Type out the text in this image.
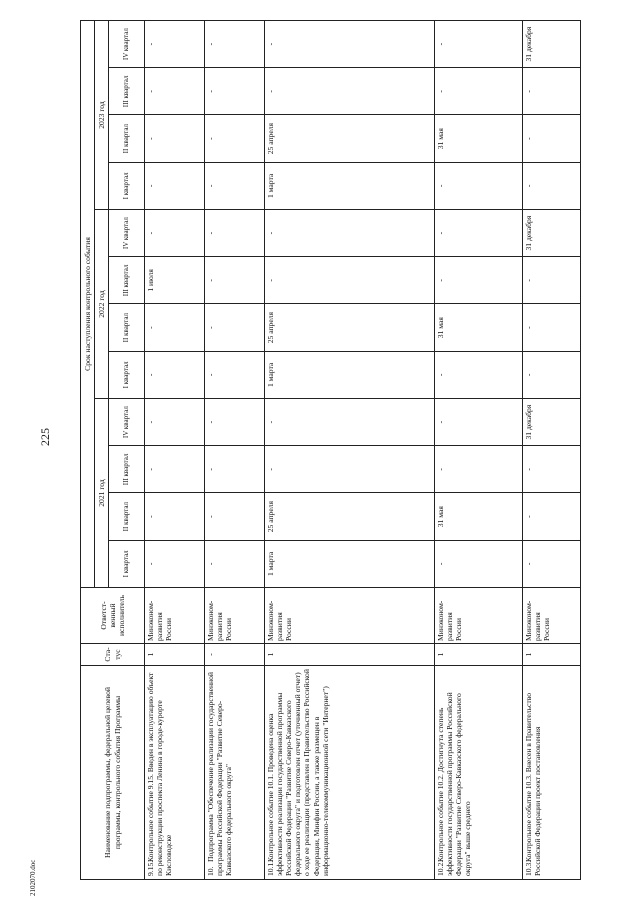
225
2102070.doc
Наименование подпрограммы, федеральной целевой программы, контрольного события Программы	Ста-тус	Ответст-венный исполнитель	Срок наступления контрольного события											
			2021 год				2022 год				2023 год			
			I квартал	II квартал	III квартал	IV квартал	I квартал	II квартал	III квартал	IV квартал	I квартал	II квартал	III квартал	IV квартал
9.15.Контрольное событие 9.15. Введен в эксплуатацию объект по реконструкции проспекта Ленина в городе-курорте Кисловодске	1	Минэконом-развития России	-	-	-	-	-	-	1 июля	-	-	-	-	-
10.Подпрограмма "Обеспечение реализации государственной программы Российской Федерации "Развитие Северо-Кавказского федерального округа"	-	Минэконом-развития России	-	-	-	-	-	-	-	-	-	-	-	-
10.1.Контрольное событие 10.1. Проведена оценка эффективности реализации государственной программы Российской Федерации "Развитие Северо-Кавказского федерального округа" и подготовлен отчет (уточненный отчет) о ходе ее реализации (представлен в Правительство Российской Федерации, Минфин России, а также размещен в информационно-телекоммуникационной сети "Интернет")	1	Минэконом-развития России	1 марта	25 апреля	-	-	1 марта	25 апреля	-	-	1 марта	25 апреля	-	-
10.2.Контрольное событие 10.2. Достигнута степень эффективности государственной программы Российской Федерации "Развитие Северо-Кавказского федерального округа" выше среднего	1	Минэконом-развития России	-	31 мая	-	-	-	31 мая	-	-	-	31 мая	-	-
10.3.Контрольное событие 10.3. Внесен в Правительство Российской Федерации проект постановления	1	Минэконом-развития России	-	-	-	31 декабря	-	-	-	31 декабря	-	-	-	31 декабря
